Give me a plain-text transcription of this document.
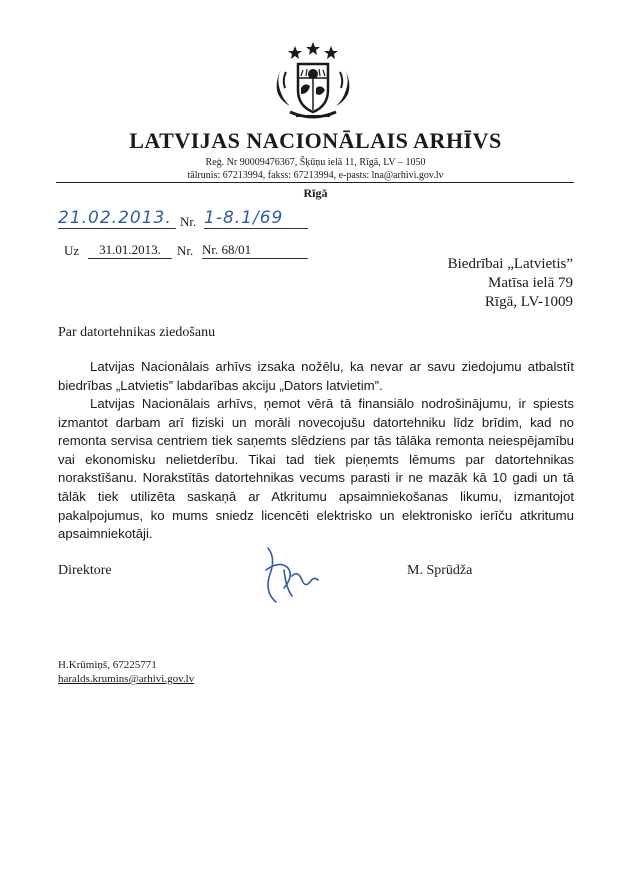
LATVIJAS NACIONĀLAIS ARHĪVS
Reģ. Nr 90009476367, Šķūņu ielā 11, Rīgā, LV – 1050
tālrunis: 67213994, fakss: 67213994, e-pasts: lna@arhivi.gov.lv
Rīgā
21.02.2013. Nr. 1-8.1/69
Uz	31.01.2013.	Nr. Nr. 68/01
Biedrībai „Latvietis”
Matīsa ielā 79
Rīgā, LV-1009
Par datortehnikas ziedošanu

Latvijas Nacionālais arhīvs izsaka nožēlu, ka nevar ar savu ziedojumu atbalstīt biedrības „Latvietis” labdarības akciju „Dators latvietim”.

Latvijas Nacionālais arhīvs, ņemot vērā tā finansiālo nodrošinājumu, ir spiests izmantot darbam arī fiziski un morāli novecojušu datortehniku līdz brīdim, kad no remonta servisa centriem tiek saņemts slēdziens par tās tālāka remonta neiespējamību vai ekonomisku nelietderību. Tikai tad tiek pieņemts lēmums par datortehnikas norakstīšanu. Norakstītās datortehnikas vecums parasti ir ne mazāk kā 10 gadi un tā tālāk tiek utilizēta saskaņā ar Atkritumu apsaimniekošanas likumu, izmantojot pakalpojumus, ko mums sniedz licencēti elektrisko un elektronisko ierīču atkritumu apsaimniekotāji.

Direktore	M. Sprūdža
H.Krūmiņš, 67225771
haralds.krumins@arhivi.gov.lv
